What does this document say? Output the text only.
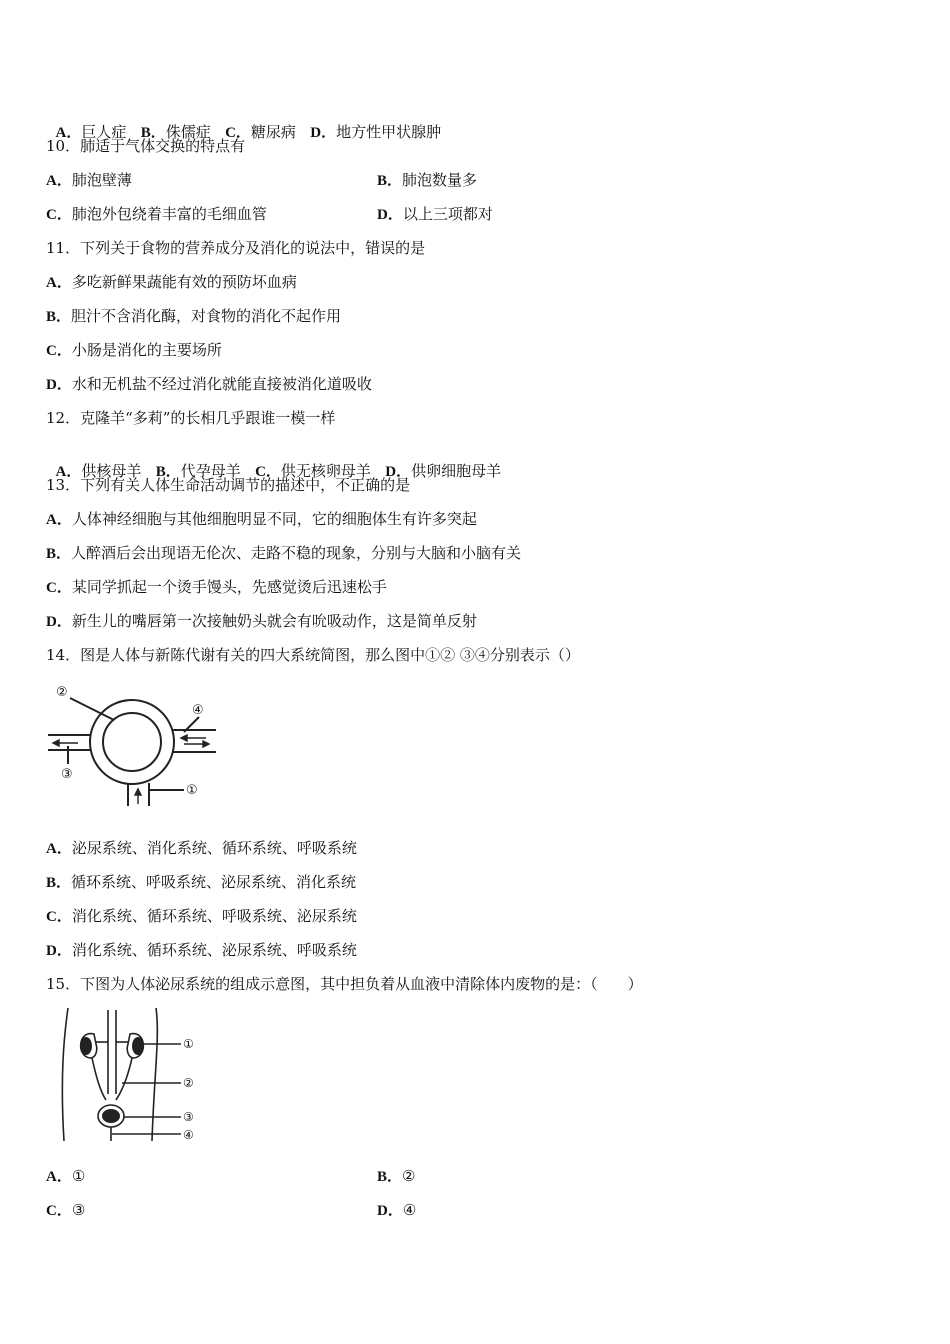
A．巨人症 B．侏儒症 C．糖尿病 D．地方性甲状腺肿

10．肺适于气体交换的特点有
A．肺泡壁薄	B．肺泡数量多
C．肺泡外包绕着丰富的毛细血管	D．以上三项都对
11．下列关于食物的营养成分及消化的说法中，错误的是
A．多吃新鲜果蔬能有效的预防坏血病
B．胆汁不含消化酶，对食物的消化不起作用
C．小肠是消化的主要场所
D．水和无机盐不经过消化就能直接被消化道吸收
12．克隆羊“多莉”的长相几乎跟谁一模一样

A．供核母羊 B．代孕母羊 C．供无核卵母羊 D．供卵细胞母羊

13．下列有关人体生命活动调节的描述中，不正确的是
A．人体神经细胞与其他细胞明显不同，它的细胞体生有许多突起
B．人醉酒后会出现语无伦次、走路不稳的现象，分别与大脑和小脑有关
C．某同学抓起一个烫手馒头，先感觉烫后迅速松手
D．新生儿的嘴唇第一次接触奶头就会有吮吸动作，这是简单反射
14．图是人体与新陈代谢有关的四大系统简图，那么图中①② ③④分别表示（）
②
④
③
①
A．泌尿系统、消化系统、循环系统、呼吸系统
B．循环系统、呼吸系统、泌尿系统、消化系统
C．消化系统、循环系统、呼吸系统、泌尿系统
D．消化系统、循环系统、泌尿系统、呼吸系统
15．下图为人体泌尿系统的组成示意图，其中担负着从血液中清除体内废物的是：（　　）
①
②
③
④
A．①	B．②
C．③	D．④
